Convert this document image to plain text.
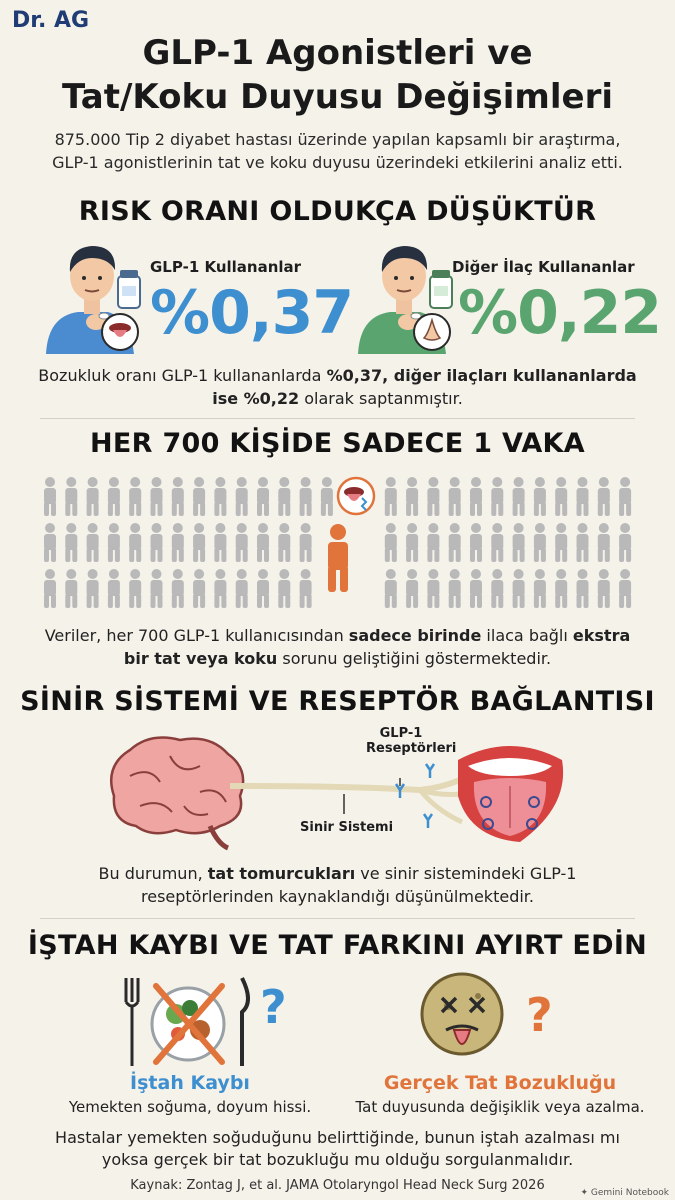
Dr. AG
GLP-1 Agonistleri ve
Tat/Koku Duyusu Değişimleri
875.000 Tip 2 diyabet hastası üzerinde yapılan kapsamlı bir araştırma,
GLP-1 agonistlerinin tat ve koku duyusu üzerindeki etkilerini analiz etti.
RISK ORANI OLDUKÇA DÜŞÜKTÜR
GLP-1 Kullananlar
%0,37
Diğer İlaç Kullananlar
%0,22
Bozukluk oranı GLP-1 kullananlarda %0,37, diğer ilaçları kullananlarda
ise %0,22 olarak saptanmıştır.
HER 700 KİŞİDE SADECE 1 VAKA
Veriler, her 700 GLP-1 kullanıcısından sadece birinde ilaca bağlı ekstra
bir tat veya koku sorunu geliştiğini göstermektedir.
SİNİR SİSTEMİ VE RESEPTÖR BAĞLANTISI
GLP-1
Reseptörleri
Sinir Sistemi
Bu durumun, tat tomurcukları ve sinir sistemindeki GLP-1
reseptörlerinden kaynaklandığı düşünülmektedir.
İŞTAH KAYBI VE TAT FARKINI AYIRT EDİN
?	?
İştah Kaybı
Yemekten soğuma, doyum hissi.
Gerçek Tat Bozukluğu
Tat duyusunda değişiklik veya azalma.
Hastalar yemekten soğuduğunu belirttiğinde, bunun iştah azalması mı
yoksa gerçek bir tat bozukluğu mu olduğu sorgulanmalıdır.
Kaynak: Zontag J, et al. JAMA Otolaryngol Head Neck Surg 2026	✦ Gemini Notebook
